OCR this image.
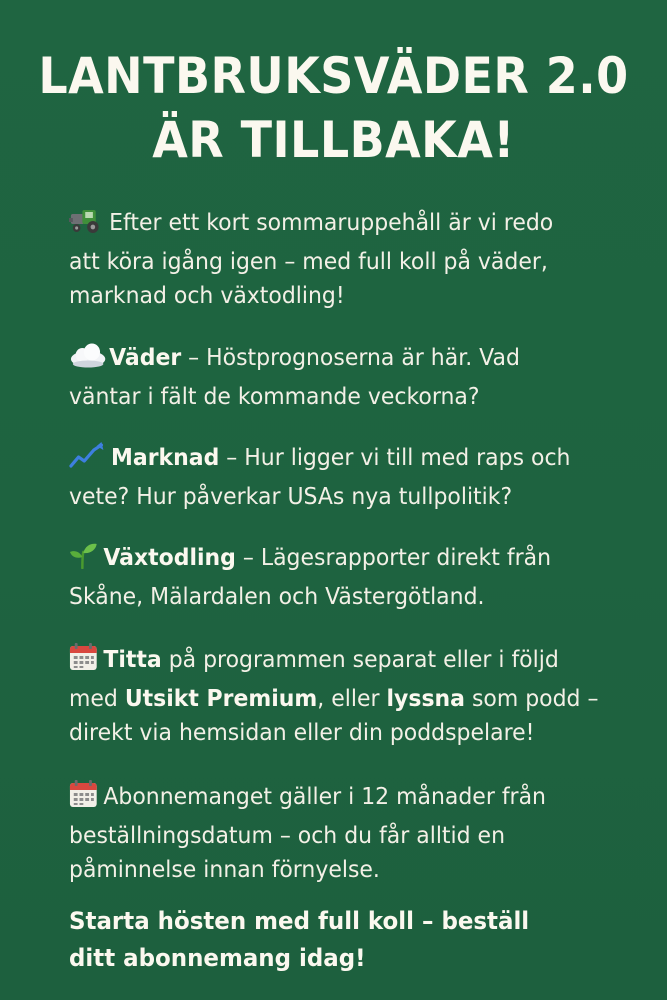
LANTBRUKSVÄDER 2.0
ÄR TILLBAKA!
Efter ett kort sommaruppehåll är vi redo
att köra igång igen – med full koll på väder,
marknad och växtodling!
Väder – Höstprognoserna är här. Vad
väntar i fält de kommande veckorna?
Marknad – Hur ligger vi till med raps och
vete? Hur påverkar USAs nya tullpolitik?
Växtodling – Lägesrapporter direkt från
Skåne, Mälardalen och Västergötland.
Titta på programmen separat eller i följd
med Utsikt Premium, eller lyssna som podd –
direkt via hemsidan eller din poddspelare!
Abonnemanget gäller i 12 månader från
beställningsdatum – och du får alltid en
påminnelse innan förnyelse.
Starta hösten med full koll – beställ
ditt abonnemang idag!
